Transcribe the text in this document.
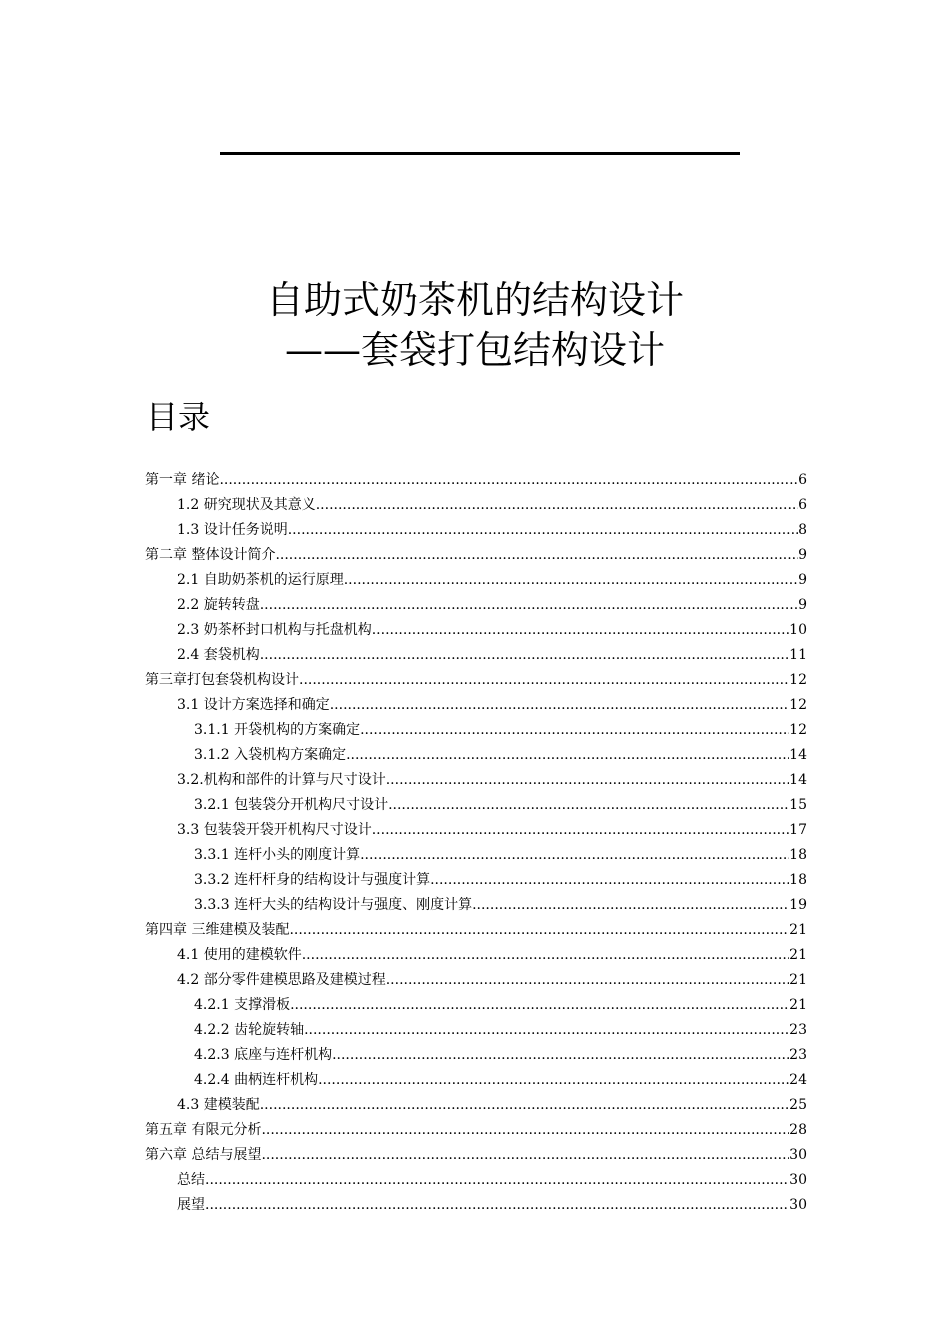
自助式奶茶机的结构设计
——套袋打包结构设计
目录
第一章 绪论 .....	6
1.2 研究现状及其意义 .....	6
1.3 设计任务说明 .....	8
第二章 整体设计简介 .....	9
2.1 自助奶茶机的运行原理 .....	9
2.2 旋转转盘 .....	9
2.3 奶茶杯封口机构与托盘机构 .....	10
2.4 套袋机构 .....	11
第三章打包套袋机构设计 .....	12
3.1 设计方案选择和确定 .....	12
3.1.1 开袋机构的方案确定 .....	12
3.1.2 入袋机构方案确定 .....	14
3.2.机构和部件的计算与尺寸设计 .....	14
3.2.1 包装袋分开机构尺寸设计 .....	15
3.3 包装袋开袋开机构尺寸设计 .....	17
3.3.1 连杆小头的刚度计算 .....	18
3.3.2 连杆杆身的结构设计与强度计算 .....	18
3.3.3 连杆大头的结构设计与强度、刚度计算 .....	19
第四章 三维建模及装配 .....	21
4.1 使用的建模软件 .....	21
4.2 部分零件建模思路及建模过程 .....	21
4.2.1 支撑滑板 .....	21
4.2.2 齿轮旋转轴 .....	23
4.2.3 底座与连杆机构 .....	23
4.2.4 曲柄连杆机构 .....	24
4.3 建模装配 .....	25
第五章 有限元分析 .....	28
第六章 总结与展望 .....	30
总结 .....	30
展望 .....	30
